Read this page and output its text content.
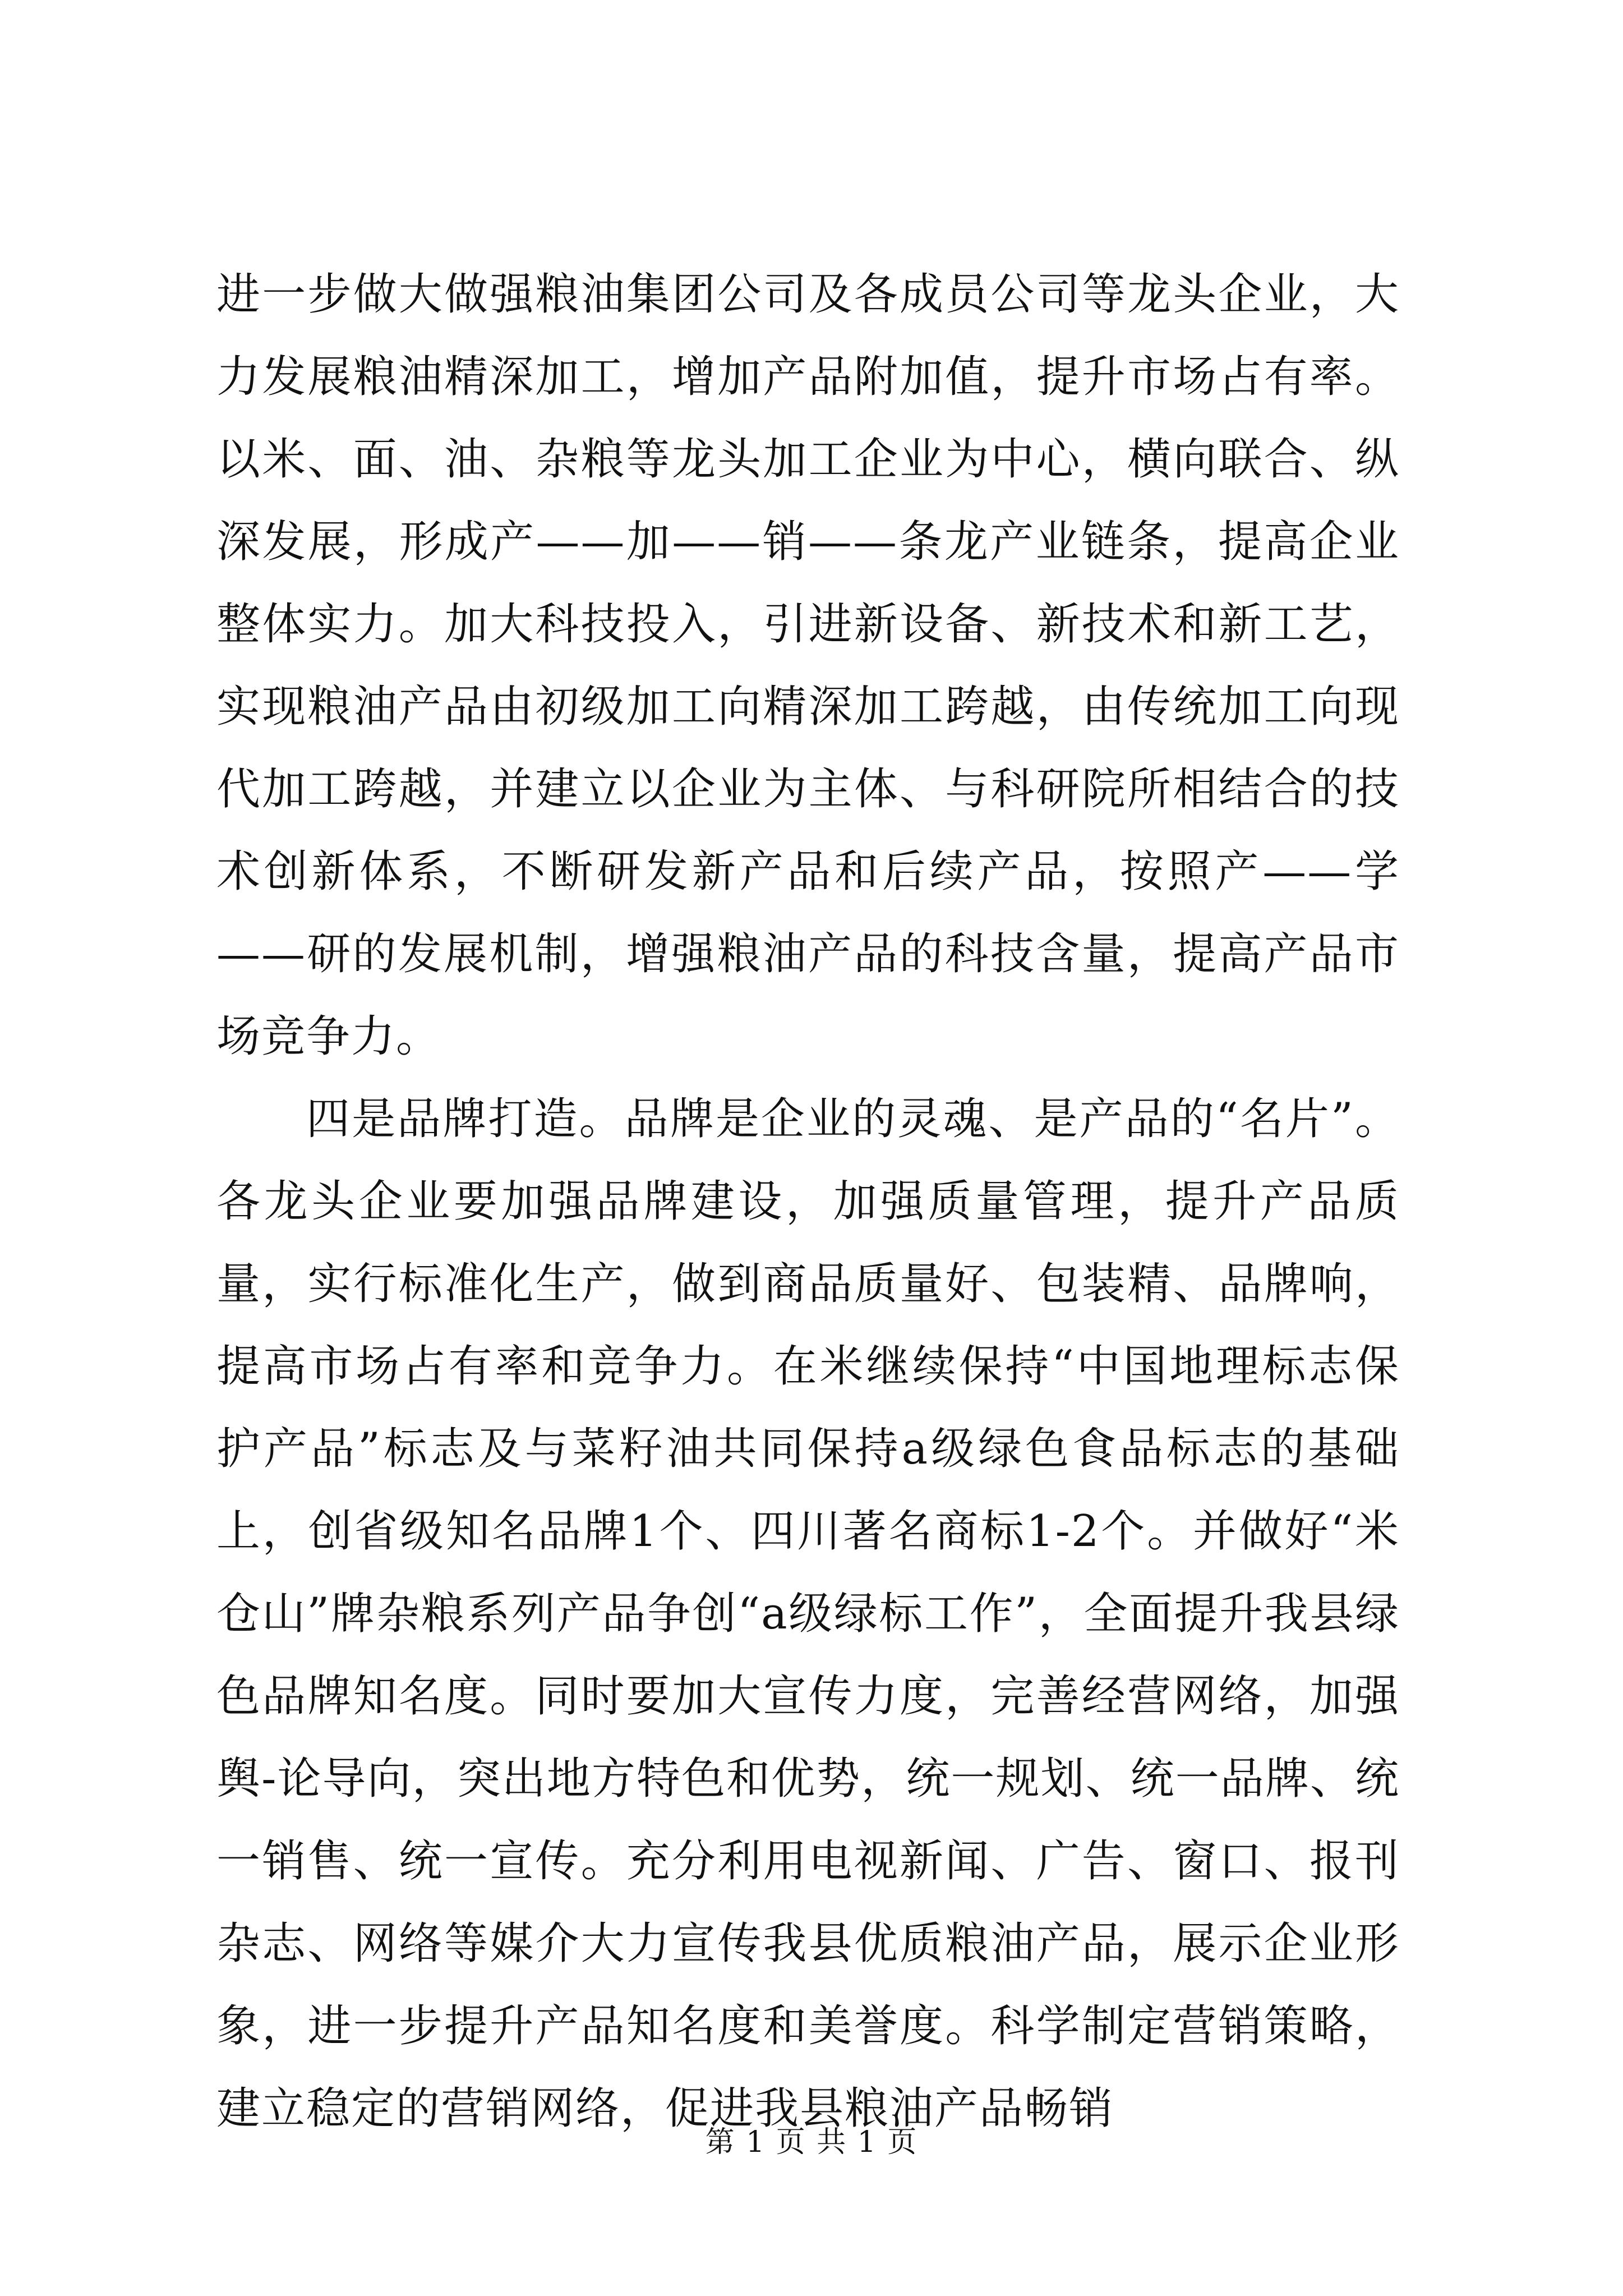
进一步做大做强粮油集团公司及各成员公司等龙头企业，大力发展粮油精深加工，增加产品附加值，提升市场占有率。以米、面、油、杂粮等龙头加工企业为中心，横向联合、纵深发展，形成产——加——销——条龙产业链条，提高企业整体实力。加大科技投入，引进新设备、新技术和新工艺，实现粮油产品由初级加工向精深加工跨越，由传统加工向现代加工跨越，并建立以企业为主体、与科研院所相结合的技术创新体系，不断研发新产品和后续产品，按照产——学——研的发展机制，增强粮油产品的科技含量，提高产品市场竞争力。

四是品牌打造。品牌是企业的灵魂、是产品的“名片”。各龙头企业要加强品牌建设，加强质量管理，提升产品质量，实行标准化生产，做到商品质量好、包装精、品牌响，提高市场占有率和竞争力。在米继续保持“中国地理标志保护产品”标志及与菜籽油共同保持a级绿色食品标志的基础上，创省级知名品牌1个、四川著名商标1-2个。并做好“米仓山”牌杂粮系列产品争创“a级绿标工作”，全面提升我县绿色品牌知名度。同时要加大宣传力度，完善经营网络，加强舆-论导向，突出地方特色和优势，统一规划、统一品牌、统一销售、统一宣传。充分利用电视新闻、广告、窗口、报刊杂志、网络等媒介大力宣传我县优质粮油产品，展示企业形象，进一步提升产品知名度和美誉度。科学制定营销策略，建立稳定的营销网络，促进我县粮油产品畅销

第 1 页 共 1 页
